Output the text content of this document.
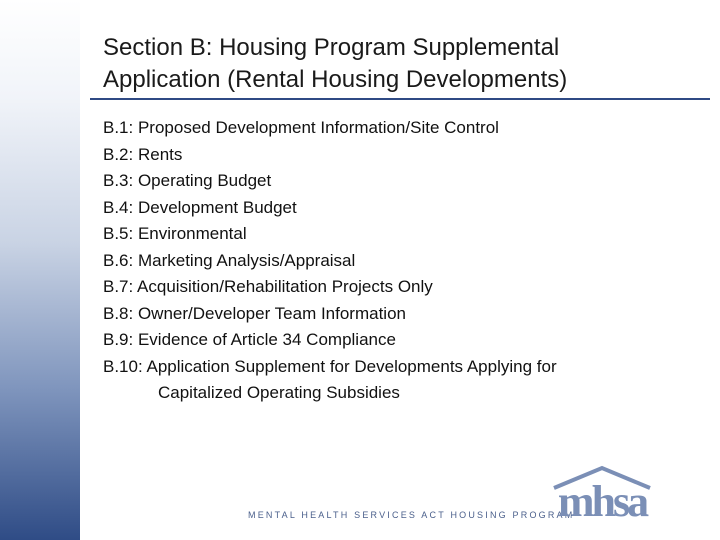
Section B: Housing Program Supplemental
Application (Rental Housing Developments)
B.1: Proposed Development Information/Site Control
B.2: Rents
B.3: Operating Budget
B.4: Development Budget
B.5: Environmental
B.6: Marketing Analysis/Appraisal
B.7: Acquisition/Rehabilitation Projects Only
B.8: Owner/Developer Team Information
B.9: Evidence of Article 34 Compliance
B.10: Application Supplement for Developments Applying for
Capitalized Operating Subsidies
MENTAL HEALTH SERVICES ACT HOUSING PROGRAM
mhsa
